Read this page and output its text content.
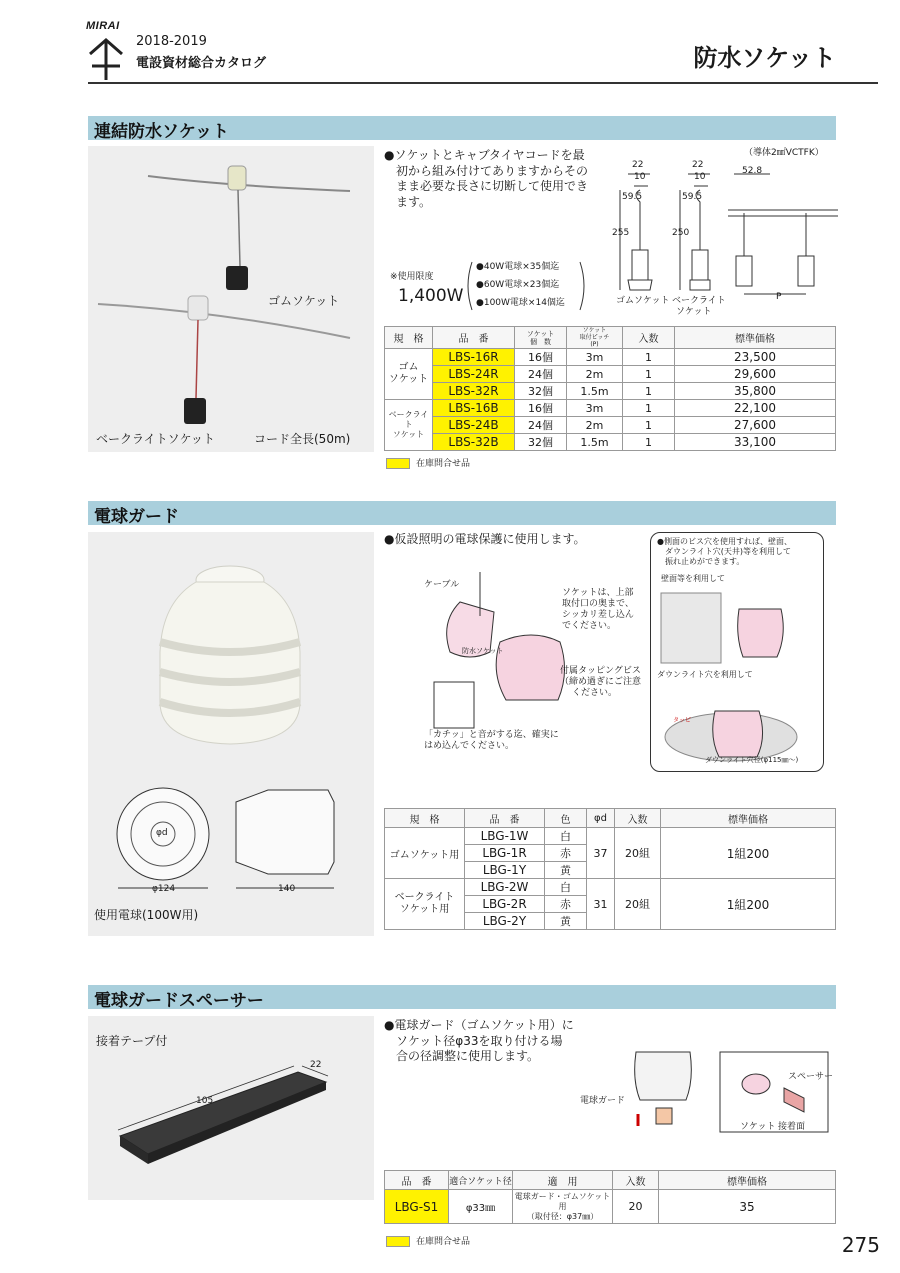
MIRAI
2018-2019
電設資材総合カタログ	防水ソケット
連結防水ソケット
ゴムソケット
ベークライトソケット	コード全長(50m)
●ソケットとキャブタイヤコードを最
初から組み付けてありますからその
まま必要な長さに切断して使用でき
ます。
※使用限度
1,400W
●40W電球×35個迄
●60W電球×23個迄
●100W電球×14個迄
22
10
59.5
255
22
10
59.5
250
52.8
P
（導体2㎟VCTFK）
ゴムソケット ベークライト
ソケット
規　格	品　番	ソケット
個　数	ソケット
取付ピッチ
(P)	入数	標準価格
ゴム
ソケット	LBS-16R	16個	3m	1	23,500
	LBS-24R	24個	2m	1	29,600
	LBS-32R	32個	1.5m	1	35,800
ベークライト
ソケット	LBS-16B	16個	3m	1	22,100
	LBS-24B	24個	2m	1	27,600
	LBS-32B	32個	1.5m	1	33,100
在庫問合せ品
電球ガード
φd
φ124	140
使用電球(100W用)
●仮設照明の電球保護に使用します。
ケーブル
防水ソケット
ソケットは、上部
取付口の奥まで、
シッカリ差し込ん
でください。
付属タッピングビス
（締め過ぎにご注意
ください。
「カチッ」と音がする迄、確実に
はめ込んでください。
●側面のビス穴を使用すれば、壁面、
ダウンライト穴(天井)等を利用して
振れ止めができます。
壁面等を利用して
ダウンライト穴を利用して
タッピ
ダウンライト穴径(φ115㎜～)
規　格	品　番	色	φd	入数	標準価格
ゴムソケット用	LBG-1W	白	37	20組	1組200
	LBG-1R	赤			
	LBG-1Y	黄			
ベークライト
ソケット用	LBG-2W	白	31	20組	1組200
	LBG-2R	赤			
	LBG-2Y	黄			
電球ガードスペーサー
接着テープ付
105
22
●電球ガード（ゴムソケット用）に
ソケット径φ33を取り付ける場
合の径調整に使用します。
電球ガード
スペーサー
ソケット 接着面
品　番	適合ソケット径	適　用	入数	標準価格
LBG-S1	φ33㎜	電球ガード・ゴムソケット用
（取付径：φ37㎜）	20	35
在庫問合せ品	275
